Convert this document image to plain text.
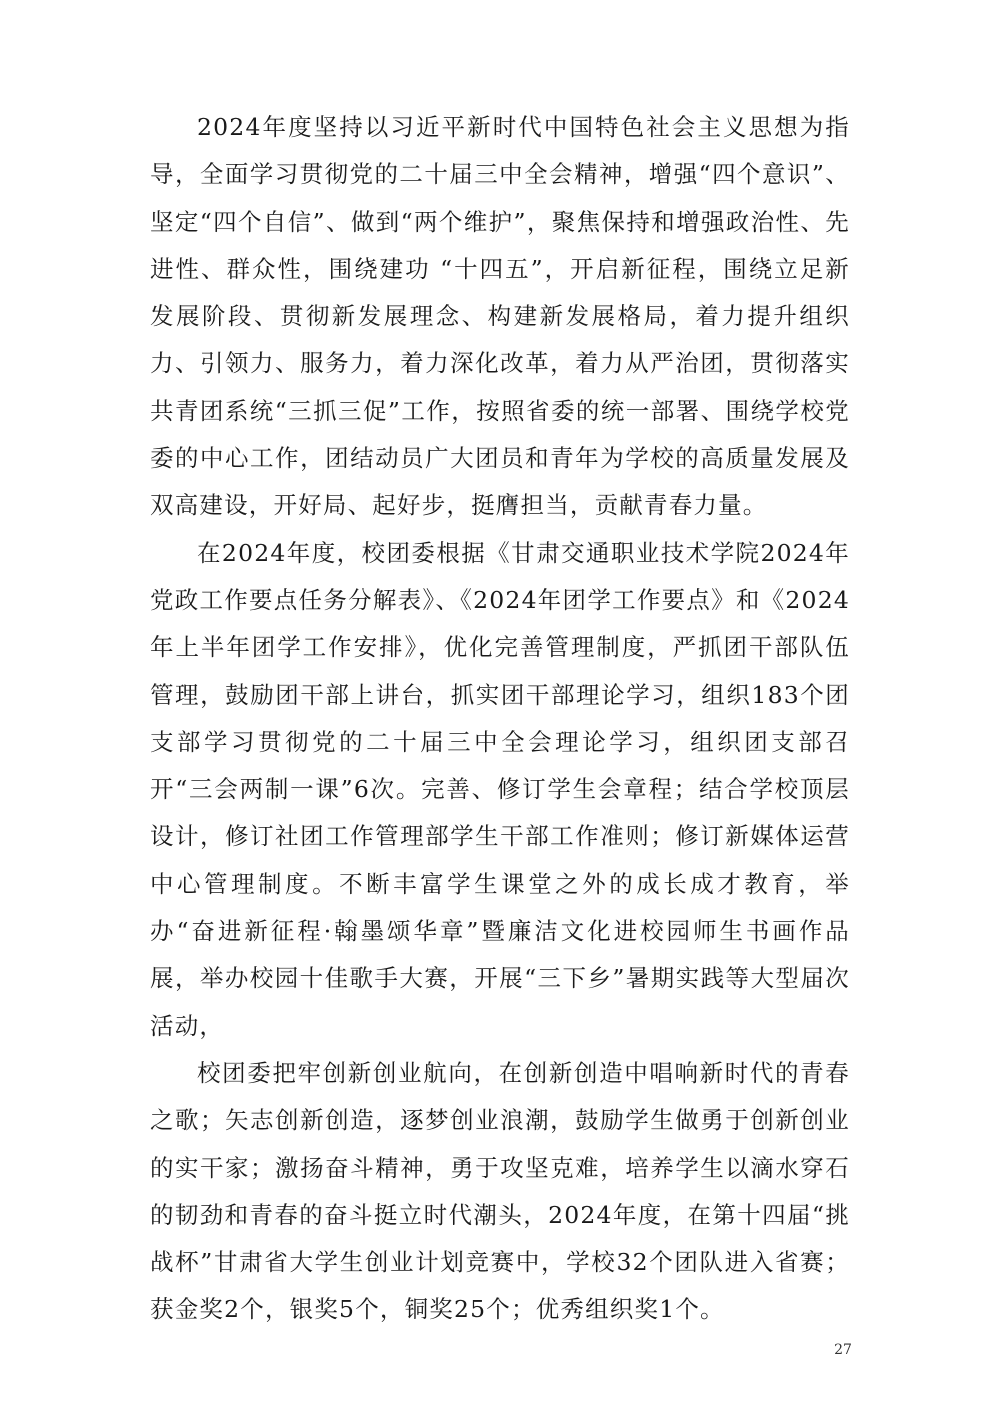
2024年度坚持以习近平新时代中国特色社会主义思想为指导，全面学习贯彻党的二十届三中全会精神，增强“四个意识”、坚定“四个自信”、做到“两个维护”，聚焦保持和增强政治性、先进性、群众性，围绕建功 “十四五”，开启新征程，围绕立足新发展阶段、贯彻新发展理念、构建新发展格局，着力提升组织力、引领力、服务力，着力深化改革，着力从严治团，贯彻落实共青团系统“三抓三促”工作，按照省委的统一部署、围绕学校党委的中心工作，团结动员广大团员和青年为学校的高质量发展及双高建设，开好局、起好步，挺膺担当，贡献青春力量。

在2024年度，校团委根据《甘肃交通职业技术学院2024年党政工作要点任务分解表》、《2024年团学工作要点》和《2024年上半年团学工作安排》，优化完善管理制度，严抓团干部队伍管理，鼓励团干部上讲台，抓实团干部理论学习，组织183个团支部学习贯彻党的二十届三中全会理论学习，组织团支部召开“三会两制一课”6次。完善、修订学生会章程；结合学校顶层设计，修订社团工作管理部学生干部工作准则；修订新媒体运营中心管理制度。不断丰富学生课堂之外的成长成才教育，举办“奋进新征程·翰墨颂华章”暨廉洁文化进校园师生书画作品展，举办校园十佳歌手大赛，开展“三下乡”暑期实践等大型届次活动，

校团委把牢创新创业航向，在创新创造中唱响新时代的青春之歌；矢志创新创造，逐梦创业浪潮，鼓励学生做勇于创新创业的实干家；激扬奋斗精神，勇于攻坚克难，培养学生以滴水穿石的韧劲和青春的奋斗挺立时代潮头，2024年度，在第十四届“挑战杯”甘肃省大学生创业计划竞赛中，学校32个团队进入省赛；获金奖2个，银奖5个，铜奖25个；优秀组织奖1个。

27
